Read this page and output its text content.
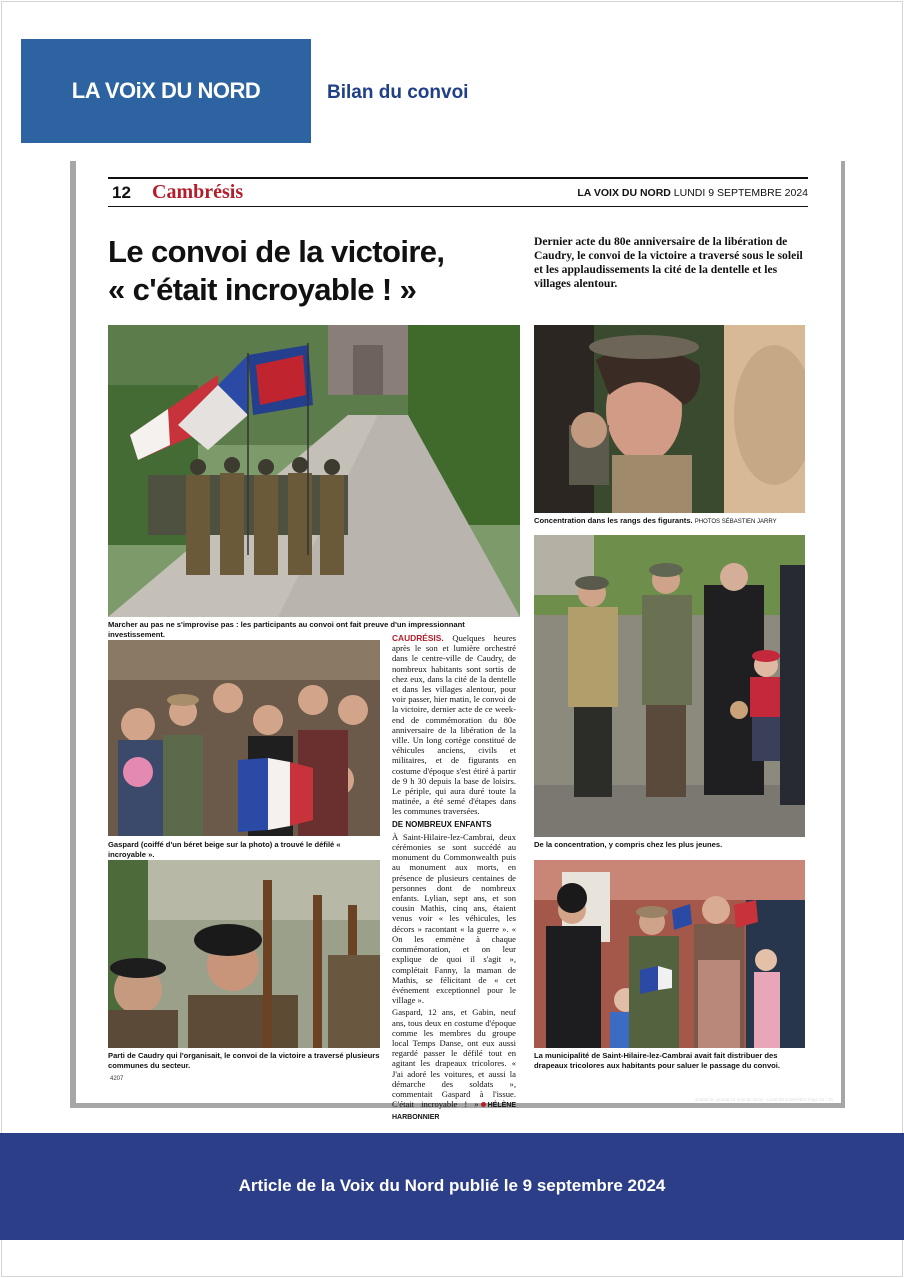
LA VOiX DU NORD	Bilan du convoi
12 Cambrésis	LA VOIX DU NORD LUNDI 9 SEPTEMBRE 2024
Le convoi de la victoire,
« c'était incroyable ! »
Dernier acte du 80e anniversaire de la libération de Caudry, le convoi de la victoire a traversé sous le soleil et les applaudissements la cité de la dentelle et les villages alentour.
Marcher au pas ne s'improvise pas : les participants au convoi ont fait preuve d'un impressionnant investissement.
Concentration dans les rangs des figurants. PHOTOS SÉBASTIEN JARRY
Gaspard (coiffé d'un béret beige sur la photo) a trouvé le défilé « incroyable ».
Parti de Caudry qui l'organisait, le convoi de la victoire a traversé plusieurs communes du secteur.

CAUDRÉSIS. Quelques heures après le son et lumière orchestré dans le centre-ville de Caudry, de nombreux habitants sont sortis de chez eux, dans la cité de la dentelle et dans les villages alentour, pour voir passer, hier matin, le convoi de la victoire, dernier acte de ce week-end de commémoration du 80e anniversaire de la libération de la ville. Un long cortège constitué de véhicules anciens, civils et militaires, et de figurants en costume d'époque s'est étiré à partir de 9 h 30 depuis la base de loisirs. Le périple, qui aura duré toute la matinée, a été semé d'étapes dans les communes traversées.

DE NOMBREUX ENFANTS

À Saint-Hilaire-lez-Cambrai, deux cérémonies se sont succédé au monument du Commonwealth puis au monument aux morts, en présence de plusieurs centaines de personnes dont de nombreux enfants. Lylian, sept ans, et son cousin Mathis, cinq ans, étaient venus voir « les véhicules, les décors » racontant « la guerre ». « On les emmène à chaque commémoration, et on leur explique de quoi il s'agit », complétait Fanny, la maman de Mathis, se félicitant de « cet événement exceptionnel pour le village ».

Gaspard, 12 ans, et Gabin, neuf ans, tous deux en costume d'époque comme les membres du groupe local Temps Danse, ont eux aussi regardé passer le défilé tout en agitant les drapeaux tricolores. « J'ai adoré les voitures, et aussi la démarche des soldats », commentait Gaspard à l'issue. C'était incroyable ! » HÉLÈNE HARBONNIER

De la concentration, y compris chez les plus jeunes.
La municipalité de Saint-Hilaire-lez-Cambrai avait fait distribuer des drapeaux tricolores aux habitants pour saluer le passage du convoi.
4207
Extrait du journal La Voix du Nord - Lundi 09 septembre Page 12 / 15
Article de la Voix du Nord publié le 9 septembre 2024
